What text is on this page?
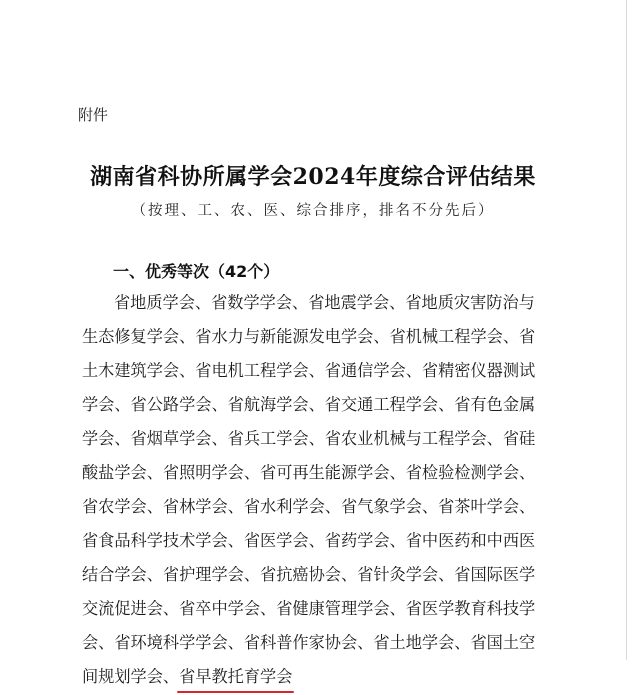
附件
湖南省科协所属学会2024年度综合评估结果
（按理、工、农、医、综合排序，排名不分先后）
一、优秀等次（42个）
省地质学会、省数学学会、省地震学会、省地质灾害防治与
生态修复学会、省水力与新能源发电学会、省机械工程学会、省
土木建筑学会、省电机工程学会、省通信学会、省精密仪器测试
学会、省公路学会、省航海学会、省交通工程学会、省有色金属
学会、省烟草学会、省兵工学会、省农业机械与工程学会、省硅
酸盐学会、省照明学会、省可再生能源学会、省检验检测学会、
省农学会、省林学会、省水利学会、省气象学会、省茶叶学会、
省食品科学技术学会、省医学会、省药学会、省中医药和中西医
结合学会、省护理学会、省抗癌协会、省针灸学会、省国际医学
交流促进会、省卒中学会、省健康管理学会、省医学教育科技学
会、省环境科学学会、省科普作家协会、省土地学会、省国土空
间规划学会、省早教托育学会
